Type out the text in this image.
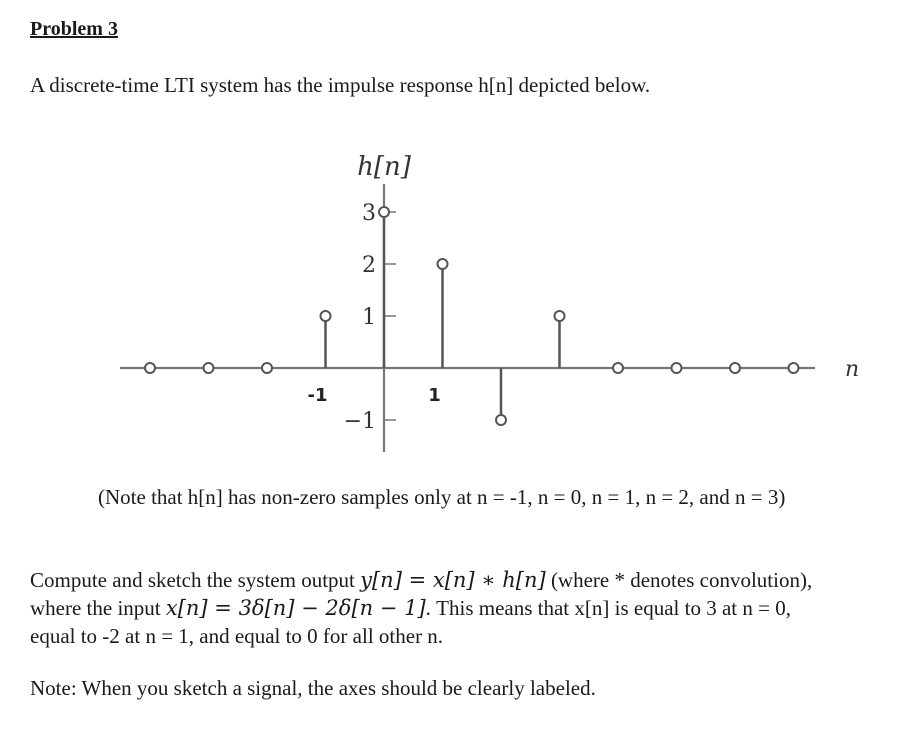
Problem 3
A discrete-time LTI system has the impulse response h[n] depicted below.
3
2
1
−1
n
-1	1
h[n]
(Note that h[n] has non-zero samples only at n = -1, n = 0, n = 1, n = 2, and n = 3)
Compute and sketch the system output y[n] = x[n] ∗ h[n] (where * denotes convolution),
where the input x[n] = 3δ[n] − 2δ[n − 1]. This means that x[n] is equal to 3 at n = 0,
equal to -2 at n = 1, and equal to 0 for all other n.
Note: When you sketch a signal, the axes should be clearly labeled.
